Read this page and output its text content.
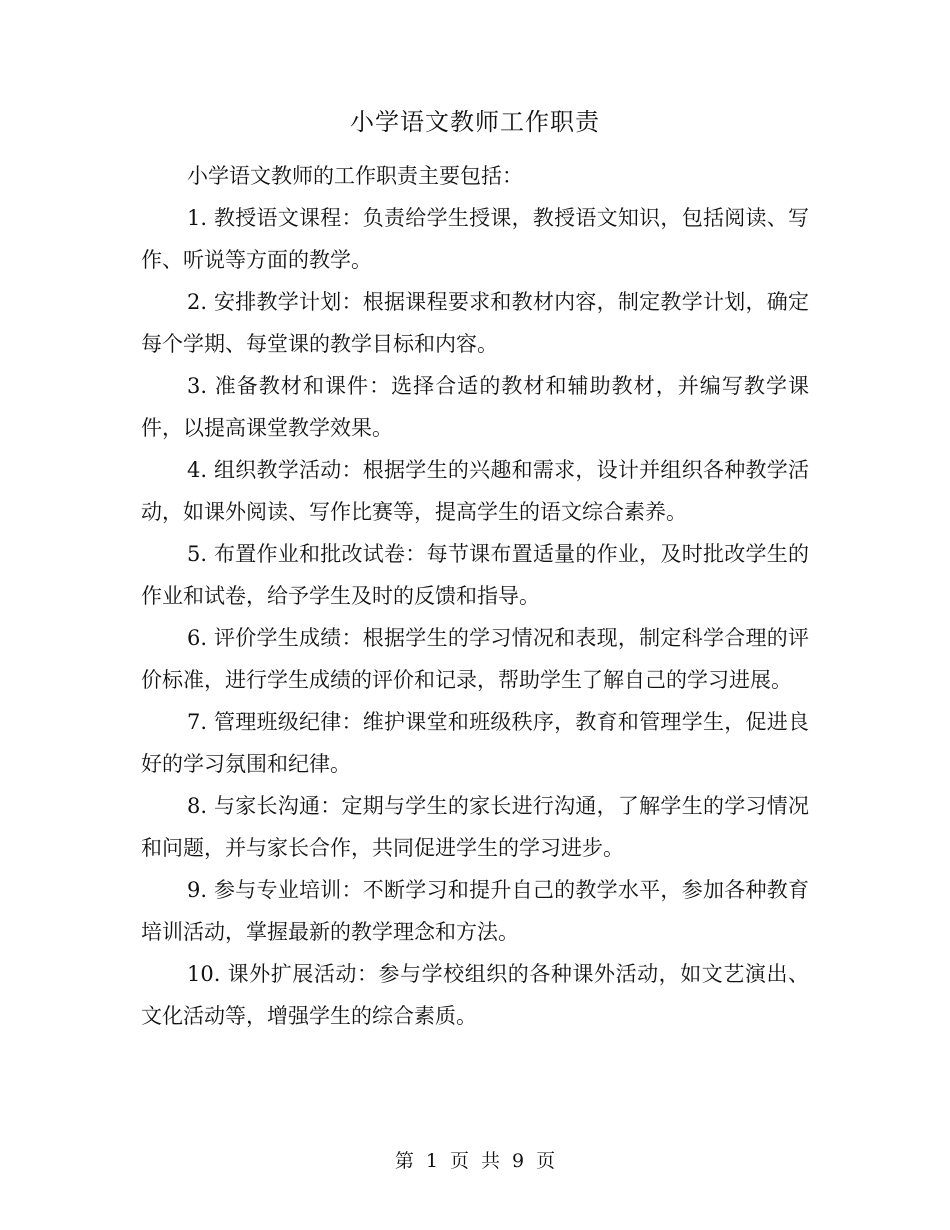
小学语文教师工作职责

小学语文教师的工作职责主要包括：

1. 教授语文课程：负责给学生授课，教授语文知识，包括阅读、写作、听说等方面的教学。

2. 安排教学计划：根据课程要求和教材内容，制定教学计划，确定每个学期、每堂课的教学目标和内容。

3. 准备教材和课件：选择合适的教材和辅助教材，并编写教学课件，以提高课堂教学效果。

4. 组织教学活动：根据学生的兴趣和需求，设计并组织各种教学活动，如课外阅读、写作比赛等，提高学生的语文综合素养。

5. 布置作业和批改试卷：每节课布置适量的作业，及时批改学生的作业和试卷，给予学生及时的反馈和指导。

6. 评价学生成绩：根据学生的学习情况和表现，制定科学合理的评价标准，进行学生成绩的评价和记录，帮助学生了解自己的学习进展。

7. 管理班级纪律：维护课堂和班级秩序，教育和管理学生，促进良好的学习氛围和纪律。

8. 与家长沟通：定期与学生的家长进行沟通，了解学生的学习情况和问题，并与家长合作，共同促进学生的学习进步。

9. 参与专业培训：不断学习和提升自己的教学水平，参加各种教育培训活动，掌握最新的教学理念和方法。

10. 课外扩展活动：参与学校组织的各种课外活动，如文艺演出、文化活动等，增强学生的综合素质。

第 1 页 共 9 页
